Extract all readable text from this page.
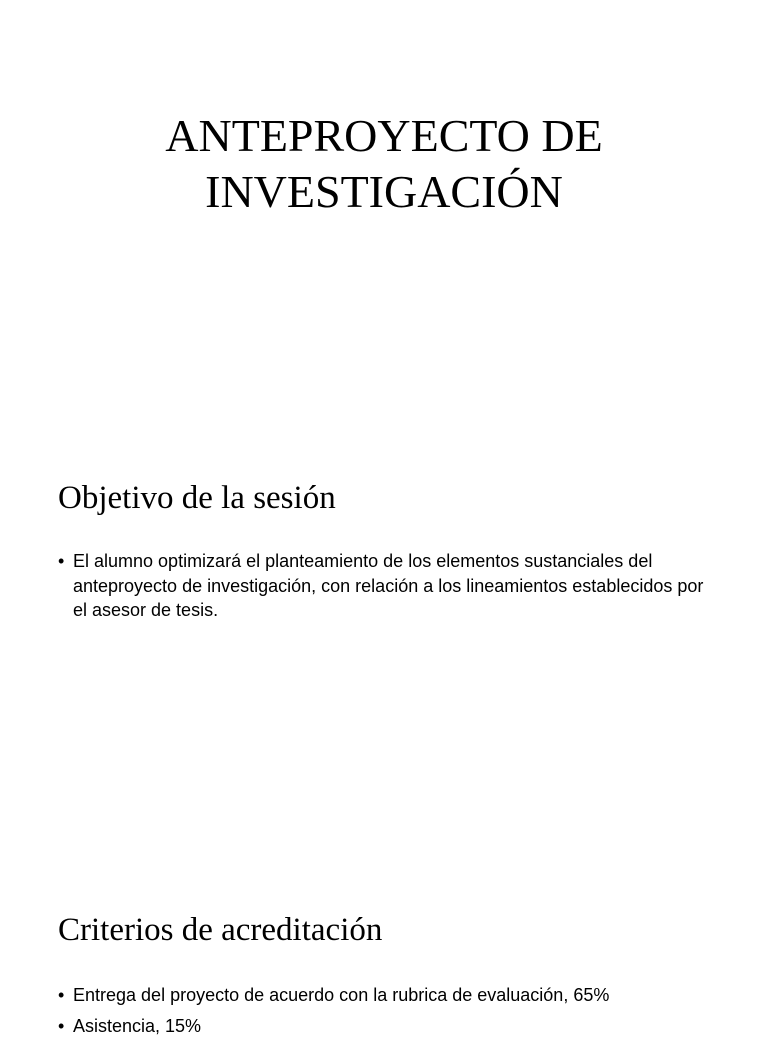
ANTEPROYECTO DE
INVESTIGACIÓN
Objetivo de la sesión
• El alumno optimizará el planteamiento de los elementos sustanciales del anteproyecto de investigación, con relación a los lineamientos establecidos por el asesor de tesis.
Criterios de acreditación
• Entrega del proyecto de acuerdo con la rubrica de evaluación, 65%
• Asistencia, 15%
